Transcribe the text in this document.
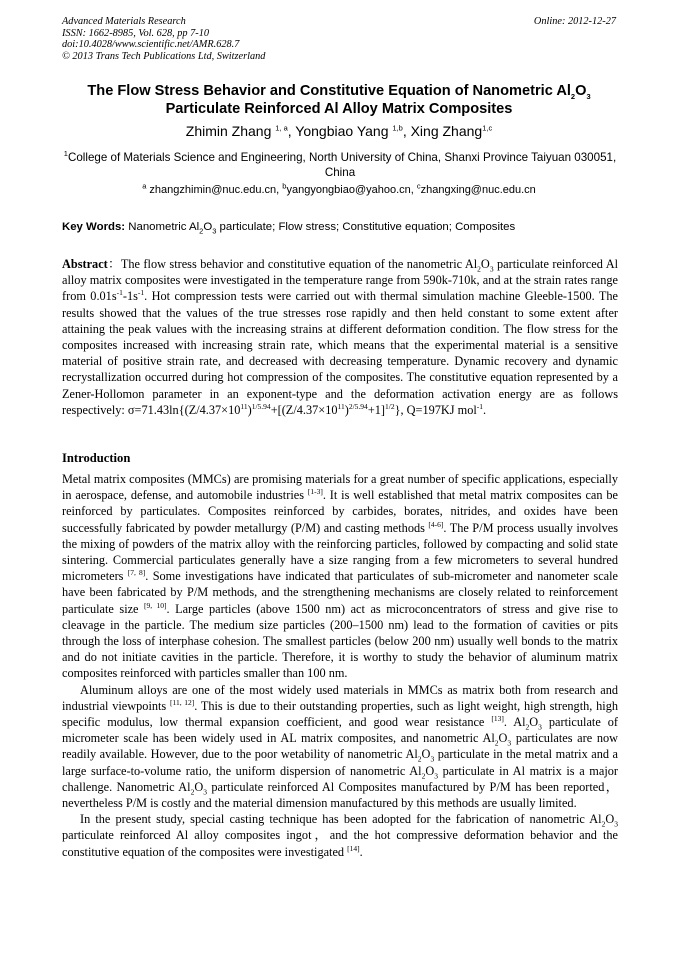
Advanced Materials Research
ISSN: 1662-8985, Vol. 628, pp 7-10
doi:10.4028/www.scientific.net/AMR.628.7
© 2013 Trans Tech Publications Ltd, Switzerland
Online: 2012-12-27
The Flow Stress Behavior and Constitutive Equation of Nanometric $Al_2O_3$
Particulate Reinforced Al Alloy Matrix Composites
Zhimin Zhang $^{1, a}$, Yongbiao Yang $^{1,b}$, Xing Zhang$^{1,c}$
$^1$College of Materials Science and Engineering, North University of China, Shanxi Province Taiyuan 030051, China
$^a$ zhangzhimin@nuc.edu.cn, $^b$yangyongbiao@yahoo.cn, $^c$zhangxing@nuc.edu.cn
Key Words: Nanometric $Al_2O_3$ particulate; Flow stress; Constitutive equation; Composites

Abstract：The flow stress behavior and constitutive equation of the nanometric $Al_2O_3$ particulate reinforced Al alloy matrix composites were investigated in the temperature range from 590k-710k, and at the strain rates range from $0.01s^{-1}-1s^{-1}$. Hot compression tests were carried out with thermal simulation machine Gleeble-1500. The results showed that the values of the true stresses rose rapidly and then held constant to some extent after attaining the peak values with the increasing strains at different deformation condition. The flow stress for the composites increased with increasing strain rate, which means that the experimental material is a sensitive material of positive strain rate, and decreased with decreasing temperature. Dynamic recovery and dynamic recrystallization occurred during hot compression of the composites. The constitutive equation represented by a Zener-Hollomon parameter in an exponent-type and the deformation activation energy are as follows respectively: $\sigma=71.43\ln\{(Z/4.37\times 10^{11})^{1/5.94}+[(Z/4.37\times 10^{11})^{2/5.94}+1]^{1/2}\}$, Q=197KJ mol$^{-1}$.

Introduction

Metal matrix composites (MMCs) are promising materials for a great number of specific applications, especially in aerospace, defense, and automobile industries [1-3]. It is well established that metal matrix composites can be reinforced by particulates. Composites reinforced by carbides, borates, nitrides, and oxides have been successfully fabricated by powder metallurgy (P/M) and casting methods [4-6]. The P/M process usually involves the mixing of powders of the matrix alloy with the reinforcing particles, followed by compacting and solid state sintering. Commercial particulates generally have a size ranging from a few micrometers to several hundred micrometers [7, 8]. Some investigations have indicated that particulates of sub-micrometer and nanometer scale have been fabricated by P/M methods, and the strengthening mechanisms are closely related to reinforcement particulate size [9, 10]. Large particles (above 1500 nm) act as microconcentrators of stress and give rise to cleavage in the particle. The medium size particles (200–1500 nm) lead to the formation of cavities or pits through the loss of interphase cohesion. The smallest particles (below 200 nm) usually well bonds to the matrix and do not initiate cavities in the particle. Therefore, it is worthy to study the behavior of aluminum matrix composites reinforced with particles smaller than 100 nm.

Aluminum alloys are one of the most widely used materials in MMCs as matrix both from research and industrial viewpoints [11, 12]. This is due to their outstanding properties, such as light weight, high strength, high specific modulus, low thermal expansion coefficient, and good wear resistance [13]. $Al_2O_3$ particulate of micrometer scale has been widely used in AL matrix composites, and nanometric $Al_2O_3$ particulates are now readily available. However, due to the poor wetability of nanometric $Al_2O_3$ particulate in the metal matrix and a large surface-to-volume ratio, the uniform dispersion of nanometric $Al_2O_3$ particulate in Al matrix is a major challenge. Nanometric $Al_2O_3$ particulate reinforced Al Composites manufactured by P/M has been reported，nevertheless P/M is costly and the material dimension manufactured by this methods are usually limited.

In the present study, special casting technique has been adopted for the fabrication of nanometric $Al_2O_3$ particulate reinforced Al alloy composites ingot，and the hot compressive deformation behavior and the constitutive equation of the composites were investigated [14].
